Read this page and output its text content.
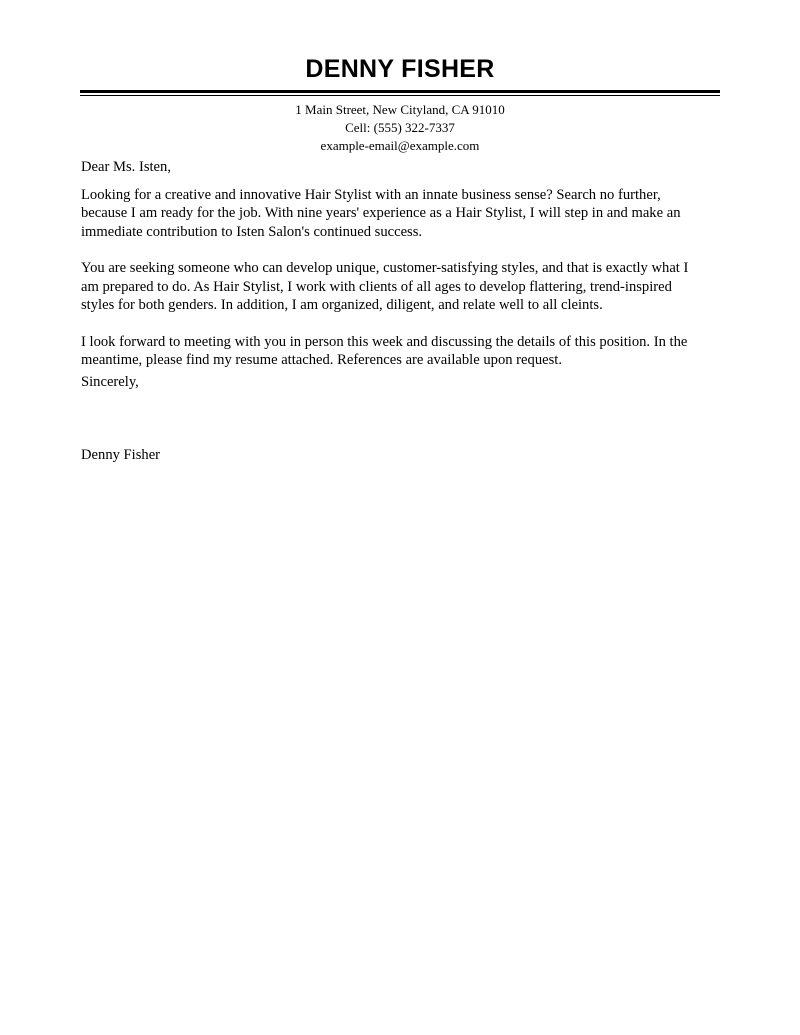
DENNY FISHER
1 Main Street, New Cityland, CA 91010
Cell: (555) 322-7337
example-email@example.com

Dear Ms. Isten,

Looking for a creative and innovative Hair Stylist with an innate business sense? Search no further,
because I am ready for the job. With nine years' experience as a Hair Stylist, I will step in and make an
immediate contribution to Isten Salon's continued success.

You are seeking someone who can develop unique, customer-satisfying styles, and that is exactly what I
am prepared to do. As Hair Stylist, I work with clients of all ages to develop flattering, trend-inspired
styles for both genders. In addition, I am organized, diligent, and relate well to all cleints.

I look forward to meeting with you in person this week and discussing the details of this position. In the
meantime, please find my resume attached. References are available upon request.

Sincerely,

Denny Fisher
